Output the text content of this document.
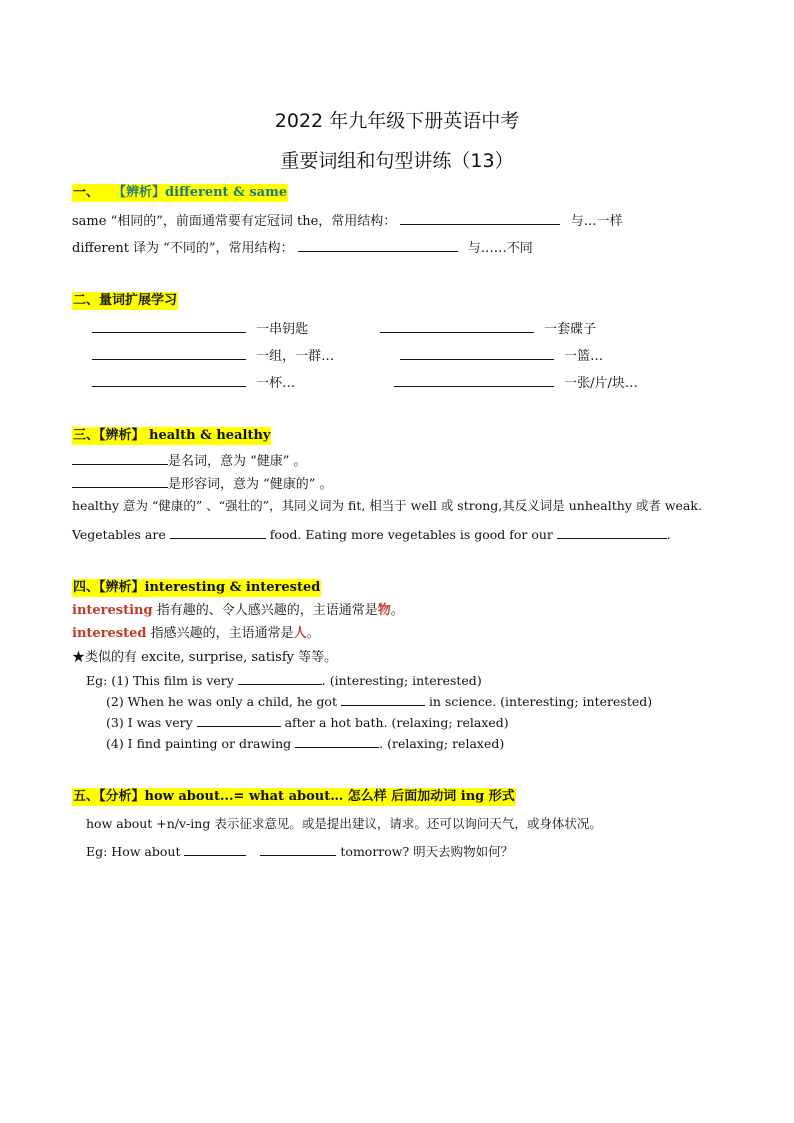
2022 年九年级下册英语中考
重要词组和句型讲练（13）
一、 【辨析】different & same
same “相同的”，前面通常要有定冠词 the，常用结构：	与…一样
different 译为 “不同的”，常用结构：	与……不同
二、量词扩展学习
一串钥匙	一套碟子
一组，一群…	一篮…
一杯…	一张/片/块…
三、【辨析】 health & healthy
是名词，意为 “健康” 。
是形容词，意为 “健康的” 。
healthy 意为 “健康的” 、“强壮的”，其同义词为 fit, 相当于 well 或 strong,其反义词是 unhealthy 或者 weak.
Vegetables are	food. Eating more vegetables is good for our	.
四、【辨析】interesting & interested
interesting 指有趣的、令人感兴趣的，主语通常是物。
interested 指感兴趣的，主语通常是人。
★类似的有 excite, surprise, satisfy 等等。
Eg: (1) This film is very	. (interesting; interested)
(2) When he was only a child, he got	in science. (interesting; interested)
(3) I was very	after a hot bath. (relaxing; relaxed)
(4) I find painting or drawing	. (relaxing; relaxed)
五、【分析】how about...= what about… 怎么样 后面加动词 ing 形式
how about +n/v-ing 表示征求意见。或是提出建议，请求。还可以询问天气，或身体状况。
Eg: How about	tomorrow? 明天去购物如何？
